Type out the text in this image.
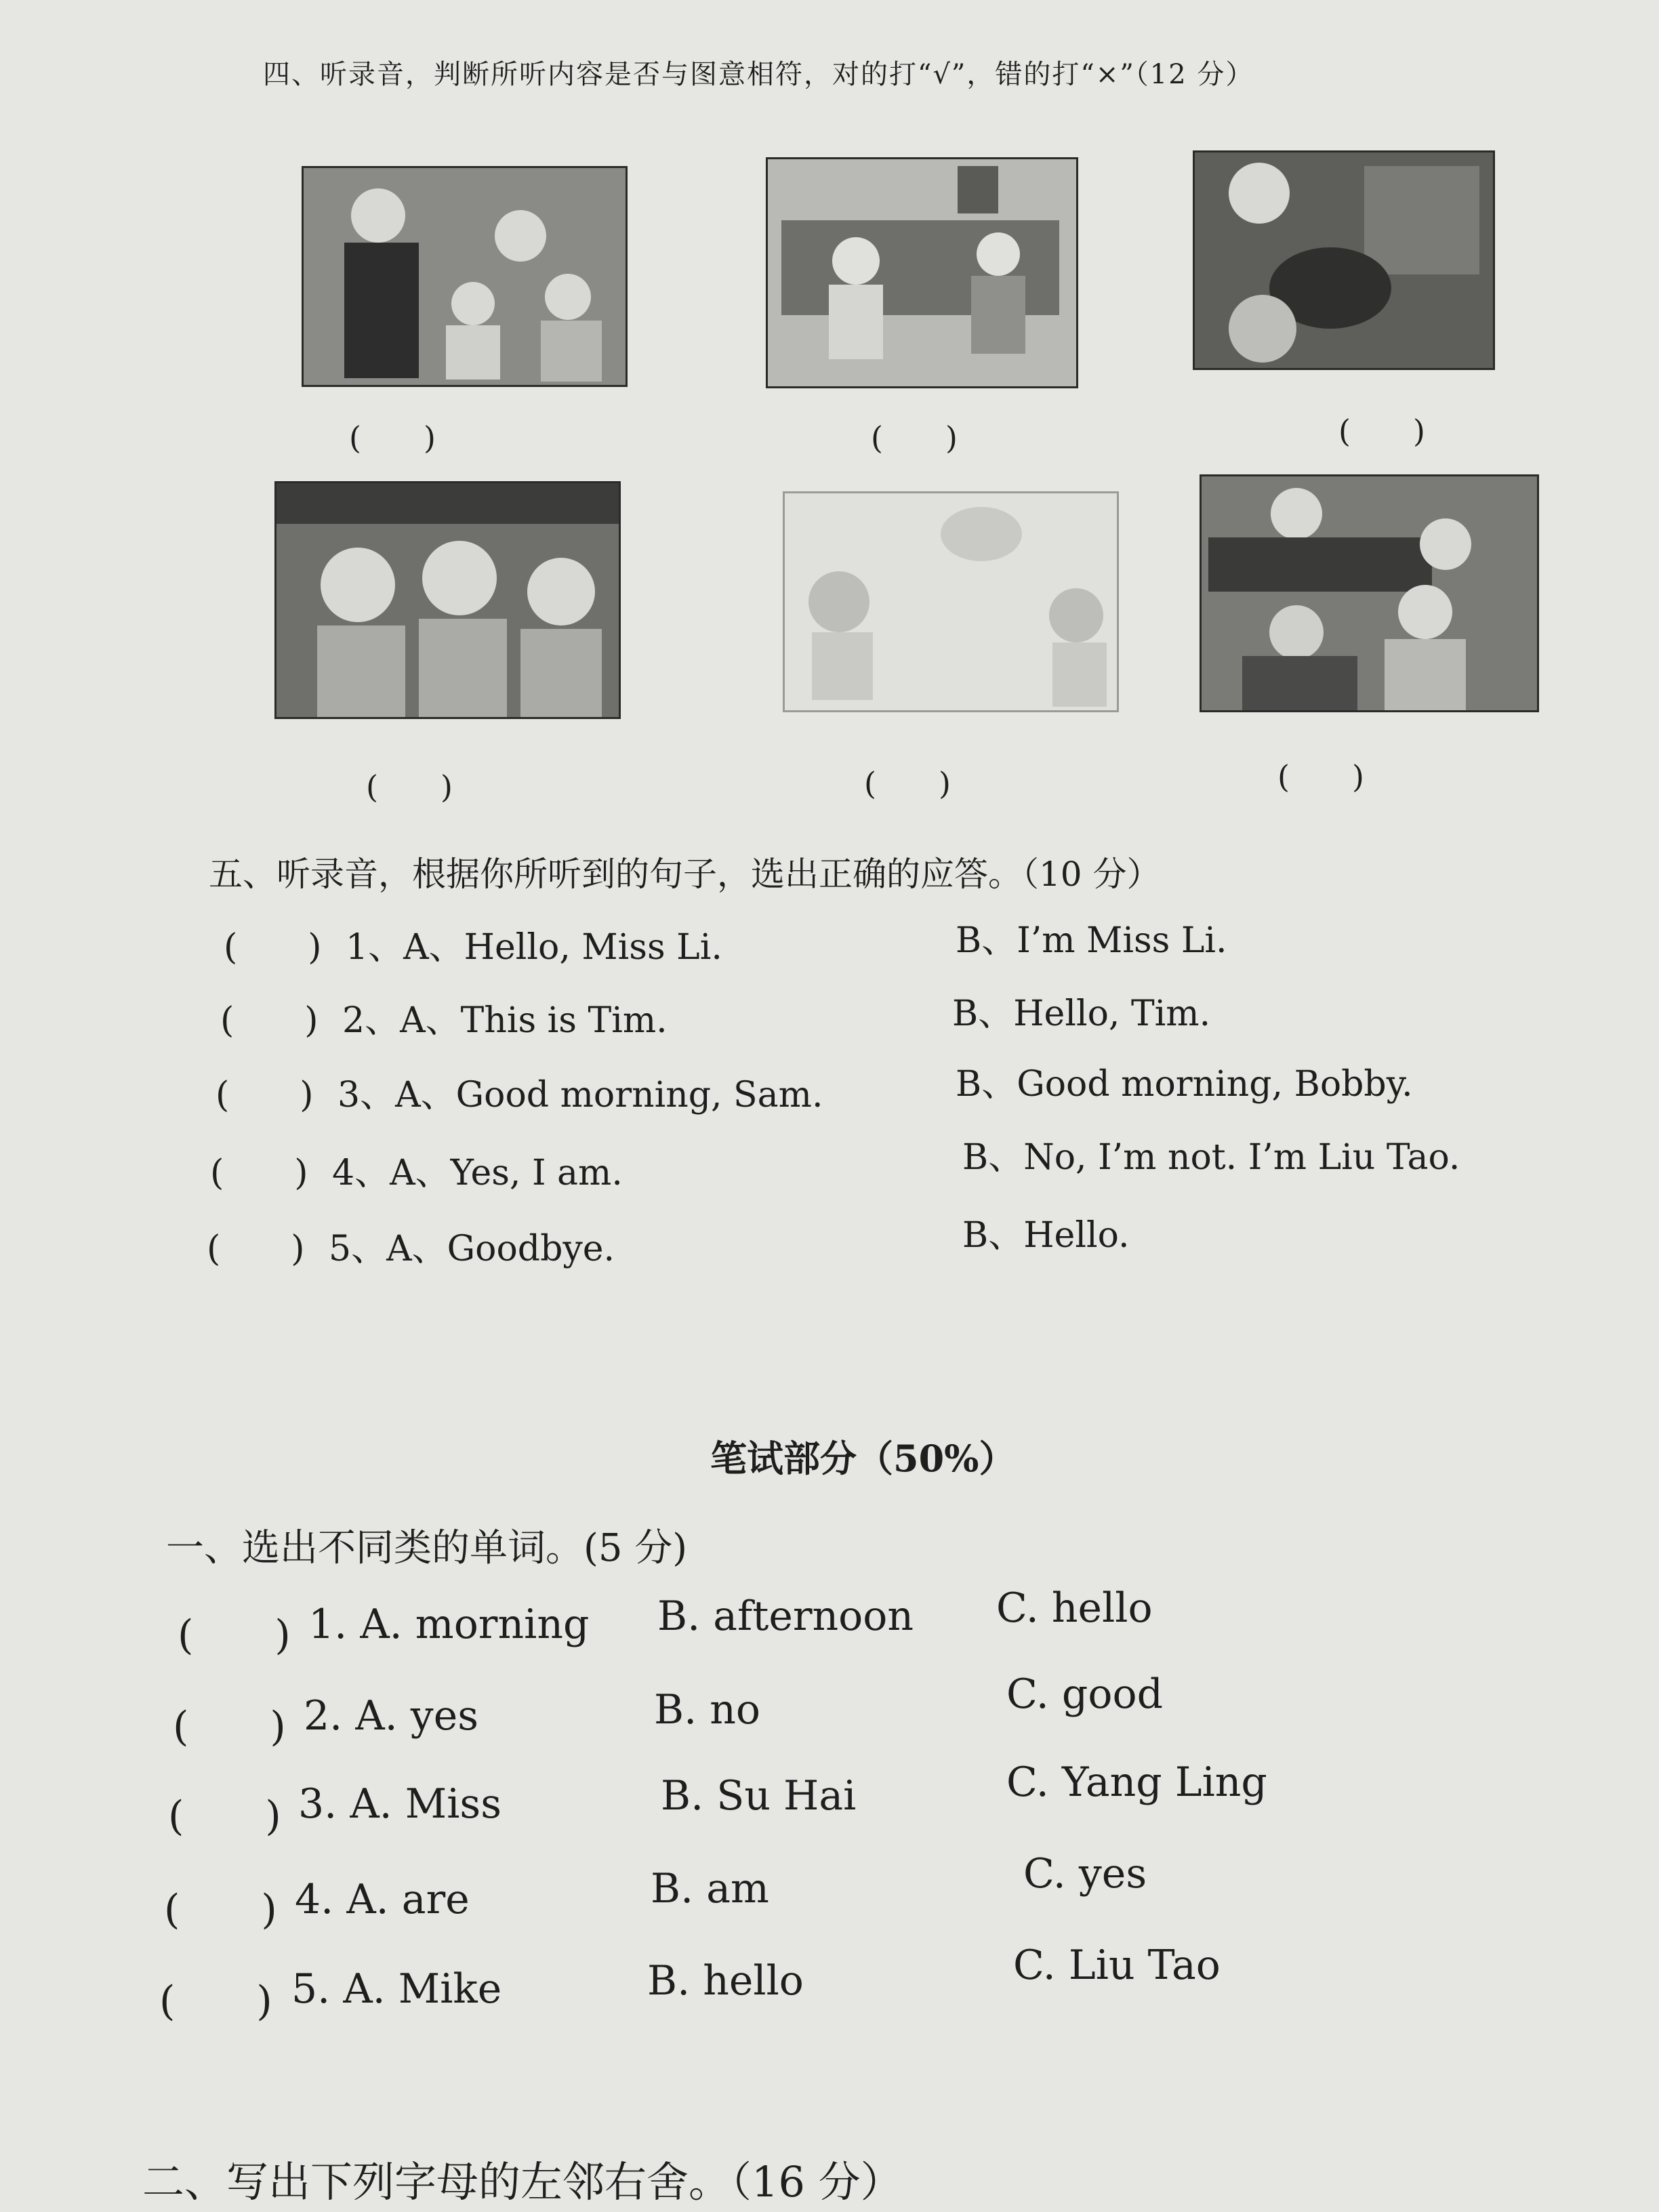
四、听录音，判断所听内容是否与图意相符，对的打“√”，错的打“×”（12 分）
(　　)	(　　)	(　　)
(　　)	(　　)	(　　)
五、听录音，根据你所听到的句子，选出正确的应答。（10 分）
(　　) 1、A、Hello, Miss Li.	B、I’m Miss Li.
(　　) 2、A、This is Tim.	B、Hello, Tim.
(　　) 3、A、Good morning, Sam.	B、Good morning, Bobby.
(　　) 4、A、Yes, I am.	B、No, I’m not. I’m Liu Tao.
(　　) 5、A、Goodbye.	B、Hello.
笔试部分（50%）
一、选出不同类的单词。(5 分)
(　　) 1. A. morning B. afternoon C. hello
(　　) 2. A. yes	B. no	C. good
(　　) 3. A. Miss	B. Su Hai	C. Yang Ling
(　　) 4. A. are	B. am	C. yes
(　　) 5. A. Mike	B. hello	C. Liu Tao
二、写出下列字母的左邻右舍。（16 分）
